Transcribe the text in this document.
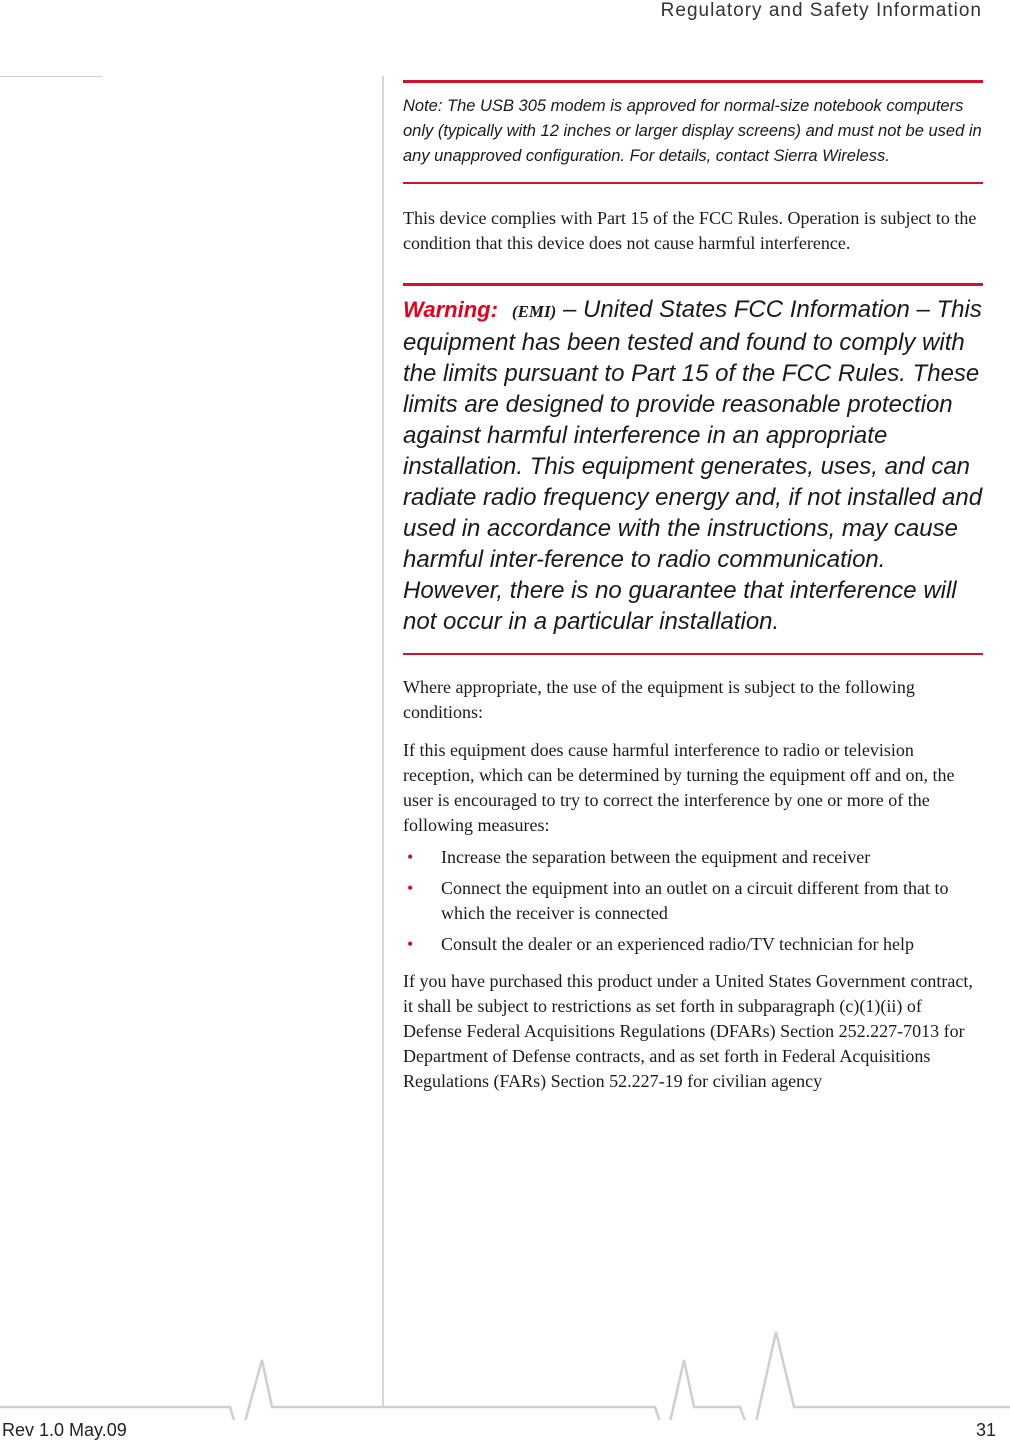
Regulatory and Safety Information
Note: The USB 305 modem is approved for normal-size notebook computers only (typically with 12 inches or larger display screens) and must not be used in any unapproved configuration. For details, contact Sierra Wireless.

This device complies with Part 15 of the FCC Rules. Operation is subject to the condition that this device does not cause harmful interference.

Warning: (EMI) – United States FCC Information – This equipment has been tested and found to comply with the limits pursuant to Part 15 of the FCC Rules. These limits are designed to provide reasonable protection against harmful interference in an appropriate installation. This equipment generates, uses, and can radiate radio frequency energy and, if not installed and used in accordance with the instructions, may cause harmful inter-ference to radio communication. However, there is no guarantee that interference will not occur in a particular installation.

Where appropriate, the use of the equipment is subject to the following conditions:

If this equipment does cause harmful interference to radio or television reception, which can be determined by turning the equipment off and on, the user is encouraged to try to correct the interference by one or more of the following measures:

• Increase the separation between the equipment and receiver
• Connect the equipment into an outlet on a circuit different from that to which the receiver is connected
• Consult the dealer or an experienced radio/TV technician for help

If you have purchased this product under a United States Government contract, it shall be subject to restrictions as set forth in subparagraph (c)(1)(ii) of Defense Federal Acquisitions Regulations (DFARs) Section 252.227-7013 for Department of Defense contracts, and as set forth in Federal Acquisitions Regulations (FARs) Section 52.227-19 for civilian agency

Rev 1.0 May.09	31
